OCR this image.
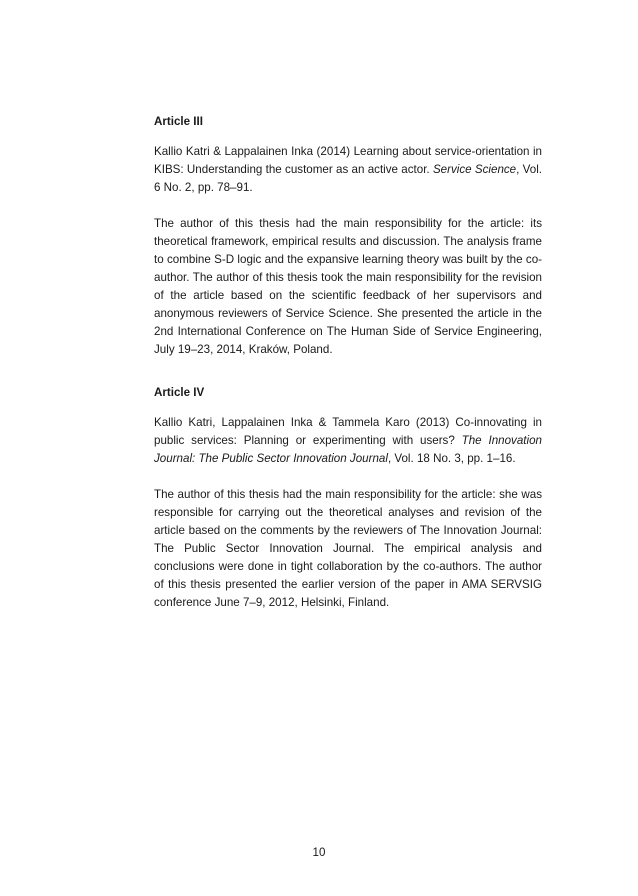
Article III

Kallio Katri & Lappalainen Inka (2014) Learning about service-orientation in KIBS: Understanding the customer as an active actor. Service Science, Vol. 6 No. 2, pp. 78–91.

The author of this thesis had the main responsibility for the article: its theoretical framework, empirical results and discussion. The analysis frame to combine S-D logic and the expansive learning theory was built by the co-author. The author of this thesis took the main responsibility for the revision of the article based on the scientific feedback of her supervisors and anonymous reviewers of Service Science. She presented the article in the 2nd International Conference on The Human Side of Service Engineering, July 19–23, 2014, Kraków, Poland.

Article IV

Kallio Katri, Lappalainen Inka & Tammela Karo (2013) Co-innovating in public services: Planning or experimenting with users? The Innovation Journal: The Public Sector Innovation Journal, Vol. 18 No. 3, pp. 1–16.

The author of this thesis had the main responsibility for the article: she was responsible for carrying out the theoretical analyses and revision of the article based on the comments by the reviewers of The Innovation Journal: The Public Sector Innovation Journal. The empirical analysis and conclusions were done in tight collaboration by the co-authors. The author of this thesis presented the earlier version of the paper in AMA SERVSIG conference June 7–9, 2012, Helsinki, Finland.

10
